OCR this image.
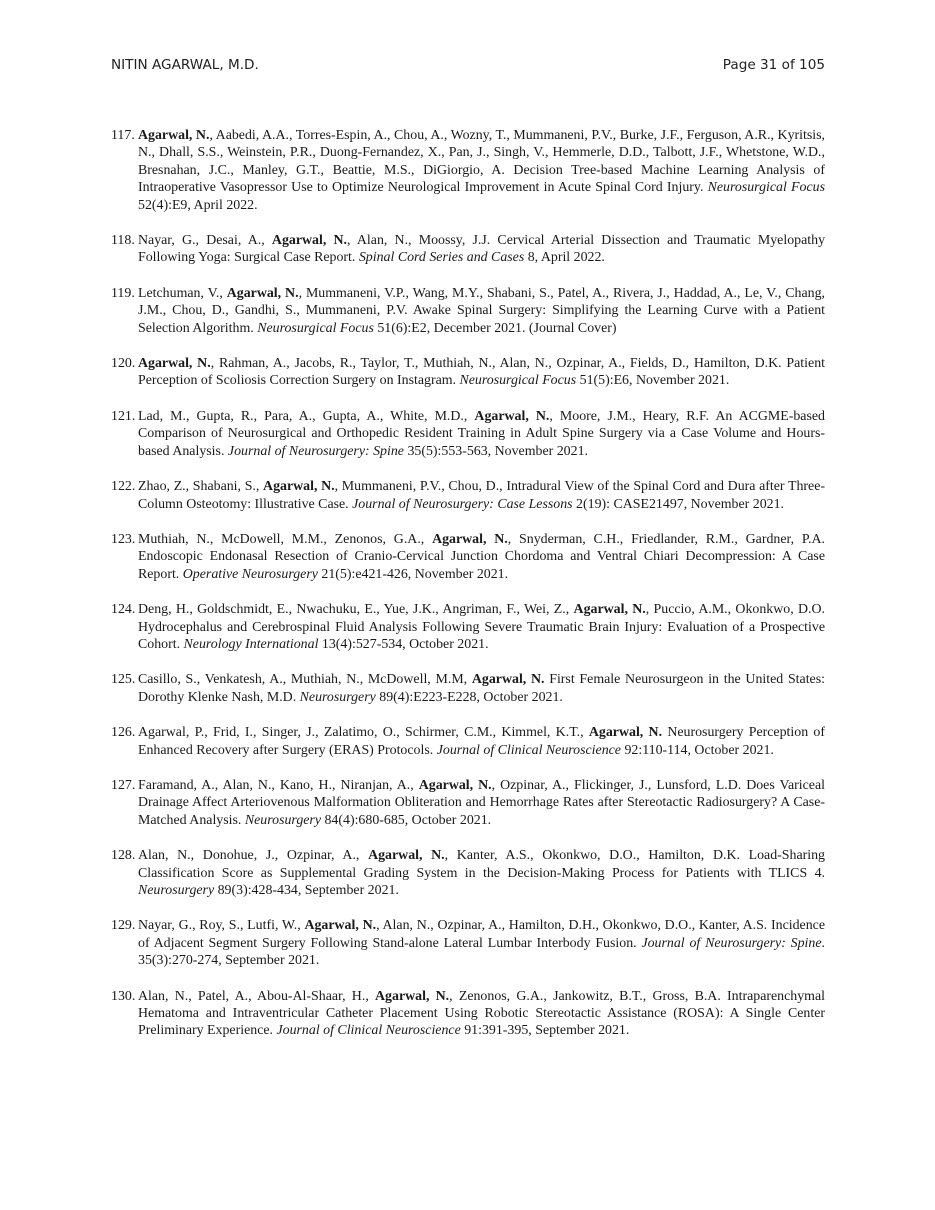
NITIN AGARWAL, M.D.	Page 31 of 105
117. Agarwal, N., Aabedi, A.A., Torres-Espin, A., Chou, A., Wozny, T., Mummaneni, P.V., Burke, J.F., Ferguson, A.R., Kyritsis, N., Dhall, S.S., Weinstein, P.R., Duong-Fernandez, X., Pan, J., Singh, V., Hemmerle, D.D., Talbott, J.F., Whetstone, W.D., Bresnahan, J.C., Manley, G.T., Beattie, M.S., DiGiorgio, A. Decision Tree-based Machine Learning Analysis of Intraoperative Vasopressor Use to Optimize Neurological Improvement in Acute Spinal Cord Injury. Neurosurgical Focus 52(4):E9, April 2022.
118. Nayar, G., Desai, A., Agarwal, N., Alan, N., Moossy, J.J. Cervical Arterial Dissection and Traumatic Myelopathy Following Yoga: Surgical Case Report. Spinal Cord Series and Cases 8, April 2022.
119. Letchuman, V., Agarwal, N., Mummaneni, V.P., Wang, M.Y., Shabani, S., Patel, A., Rivera, J., Haddad, A., Le, V., Chang, J.M., Chou, D., Gandhi, S., Mummaneni, P.V. Awake Spinal Surgery: Simplifying the Learning Curve with a Patient Selection Algorithm. Neurosurgical Focus 51(6):E2, December 2021. (Journal Cover)
120. Agarwal, N., Rahman, A., Jacobs, R., Taylor, T., Muthiah, N., Alan, N., Ozpinar, A., Fields, D., Hamilton, D.K. Patient Perception of Scoliosis Correction Surgery on Instagram. Neurosurgical Focus 51(5):E6, November 2021.
121. Lad, M., Gupta, R., Para, A., Gupta, A., White, M.D., Agarwal, N., Moore, J.M., Heary, R.F. An ACGME-based Comparison of Neurosurgical and Orthopedic Resident Training in Adult Spine Surgery via a Case Volume and Hours-based Analysis. Journal of Neurosurgery: Spine 35(5):553-563, November 2021.
122. Zhao, Z., Shabani, S., Agarwal, N., Mummaneni, P.V., Chou, D., Intradural View of the Spinal Cord and Dura after Three-Column Osteotomy: Illustrative Case. Journal of Neurosurgery: Case Lessons 2(19): CASE21497, November 2021.
123. Muthiah, N., McDowell, M.M., Zenonos, G.A., Agarwal, N., Snyderman, C.H., Friedlander, R.M., Gardner, P.A. Endoscopic Endonasal Resection of Cranio-Cervical Junction Chordoma and Ventral Chiari Decompression: A Case Report. Operative Neurosurgery 21(5):e421-426, November 2021.
124. Deng, H., Goldschmidt, E., Nwachuku, E., Yue, J.K., Angriman, F., Wei, Z., Agarwal, N., Puccio, A.M., Okonkwo, D.O. Hydrocephalus and Cerebrospinal Fluid Analysis Following Severe Traumatic Brain Injury: Evaluation of a Prospective Cohort. Neurology International 13(4):527-534, October 2021.
125. Casillo, S., Venkatesh, A., Muthiah, N., McDowell, M.M, Agarwal, N. First Female Neurosurgeon in the United States: Dorothy Klenke Nash, M.D. Neurosurgery 89(4):E223-E228, October 2021.
126. Agarwal, P., Frid, I., Singer, J., Zalatimo, O., Schirmer, C.M., Kimmel, K.T., Agarwal, N. Neurosurgery Perception of Enhanced Recovery after Surgery (ERAS) Protocols. Journal of Clinical Neuroscience 92:110-114, October 2021.
127. Faramand, A., Alan, N., Kano, H., Niranjan, A., Agarwal, N., Ozpinar, A., Flickinger, J., Lunsford, L.D. Does Variceal Drainage Affect Arteriovenous Malformation Obliteration and Hemorrhage Rates after Stereotactic Radiosurgery? A Case-Matched Analysis. Neurosurgery 84(4):680-685, October 2021.
128. Alan, N., Donohue, J., Ozpinar, A., Agarwal, N., Kanter, A.S., Okonkwo, D.O., Hamilton, D.K. Load-Sharing Classification Score as Supplemental Grading System in the Decision-Making Process for Patients with TLICS 4. Neurosurgery 89(3):428-434, September 2021.
129. Nayar, G., Roy, S., Lutfi, W., Agarwal, N., Alan, N., Ozpinar, A., Hamilton, D.H., Okonkwo, D.O., Kanter, A.S. Incidence of Adjacent Segment Surgery Following Stand-alone Lateral Lumbar Interbody Fusion. Journal of Neurosurgery: Spine. 35(3):270-274, September 2021.
130. Alan, N., Patel, A., Abou-Al-Shaar, H., Agarwal, N., Zenonos, G.A., Jankowitz, B.T., Gross, B.A. Intraparenchymal Hematoma and Intraventricular Catheter Placement Using Robotic Stereotactic Assistance (ROSA): A Single Center Preliminary Experience. Journal of Clinical Neuroscience 91:391-395, September 2021.
